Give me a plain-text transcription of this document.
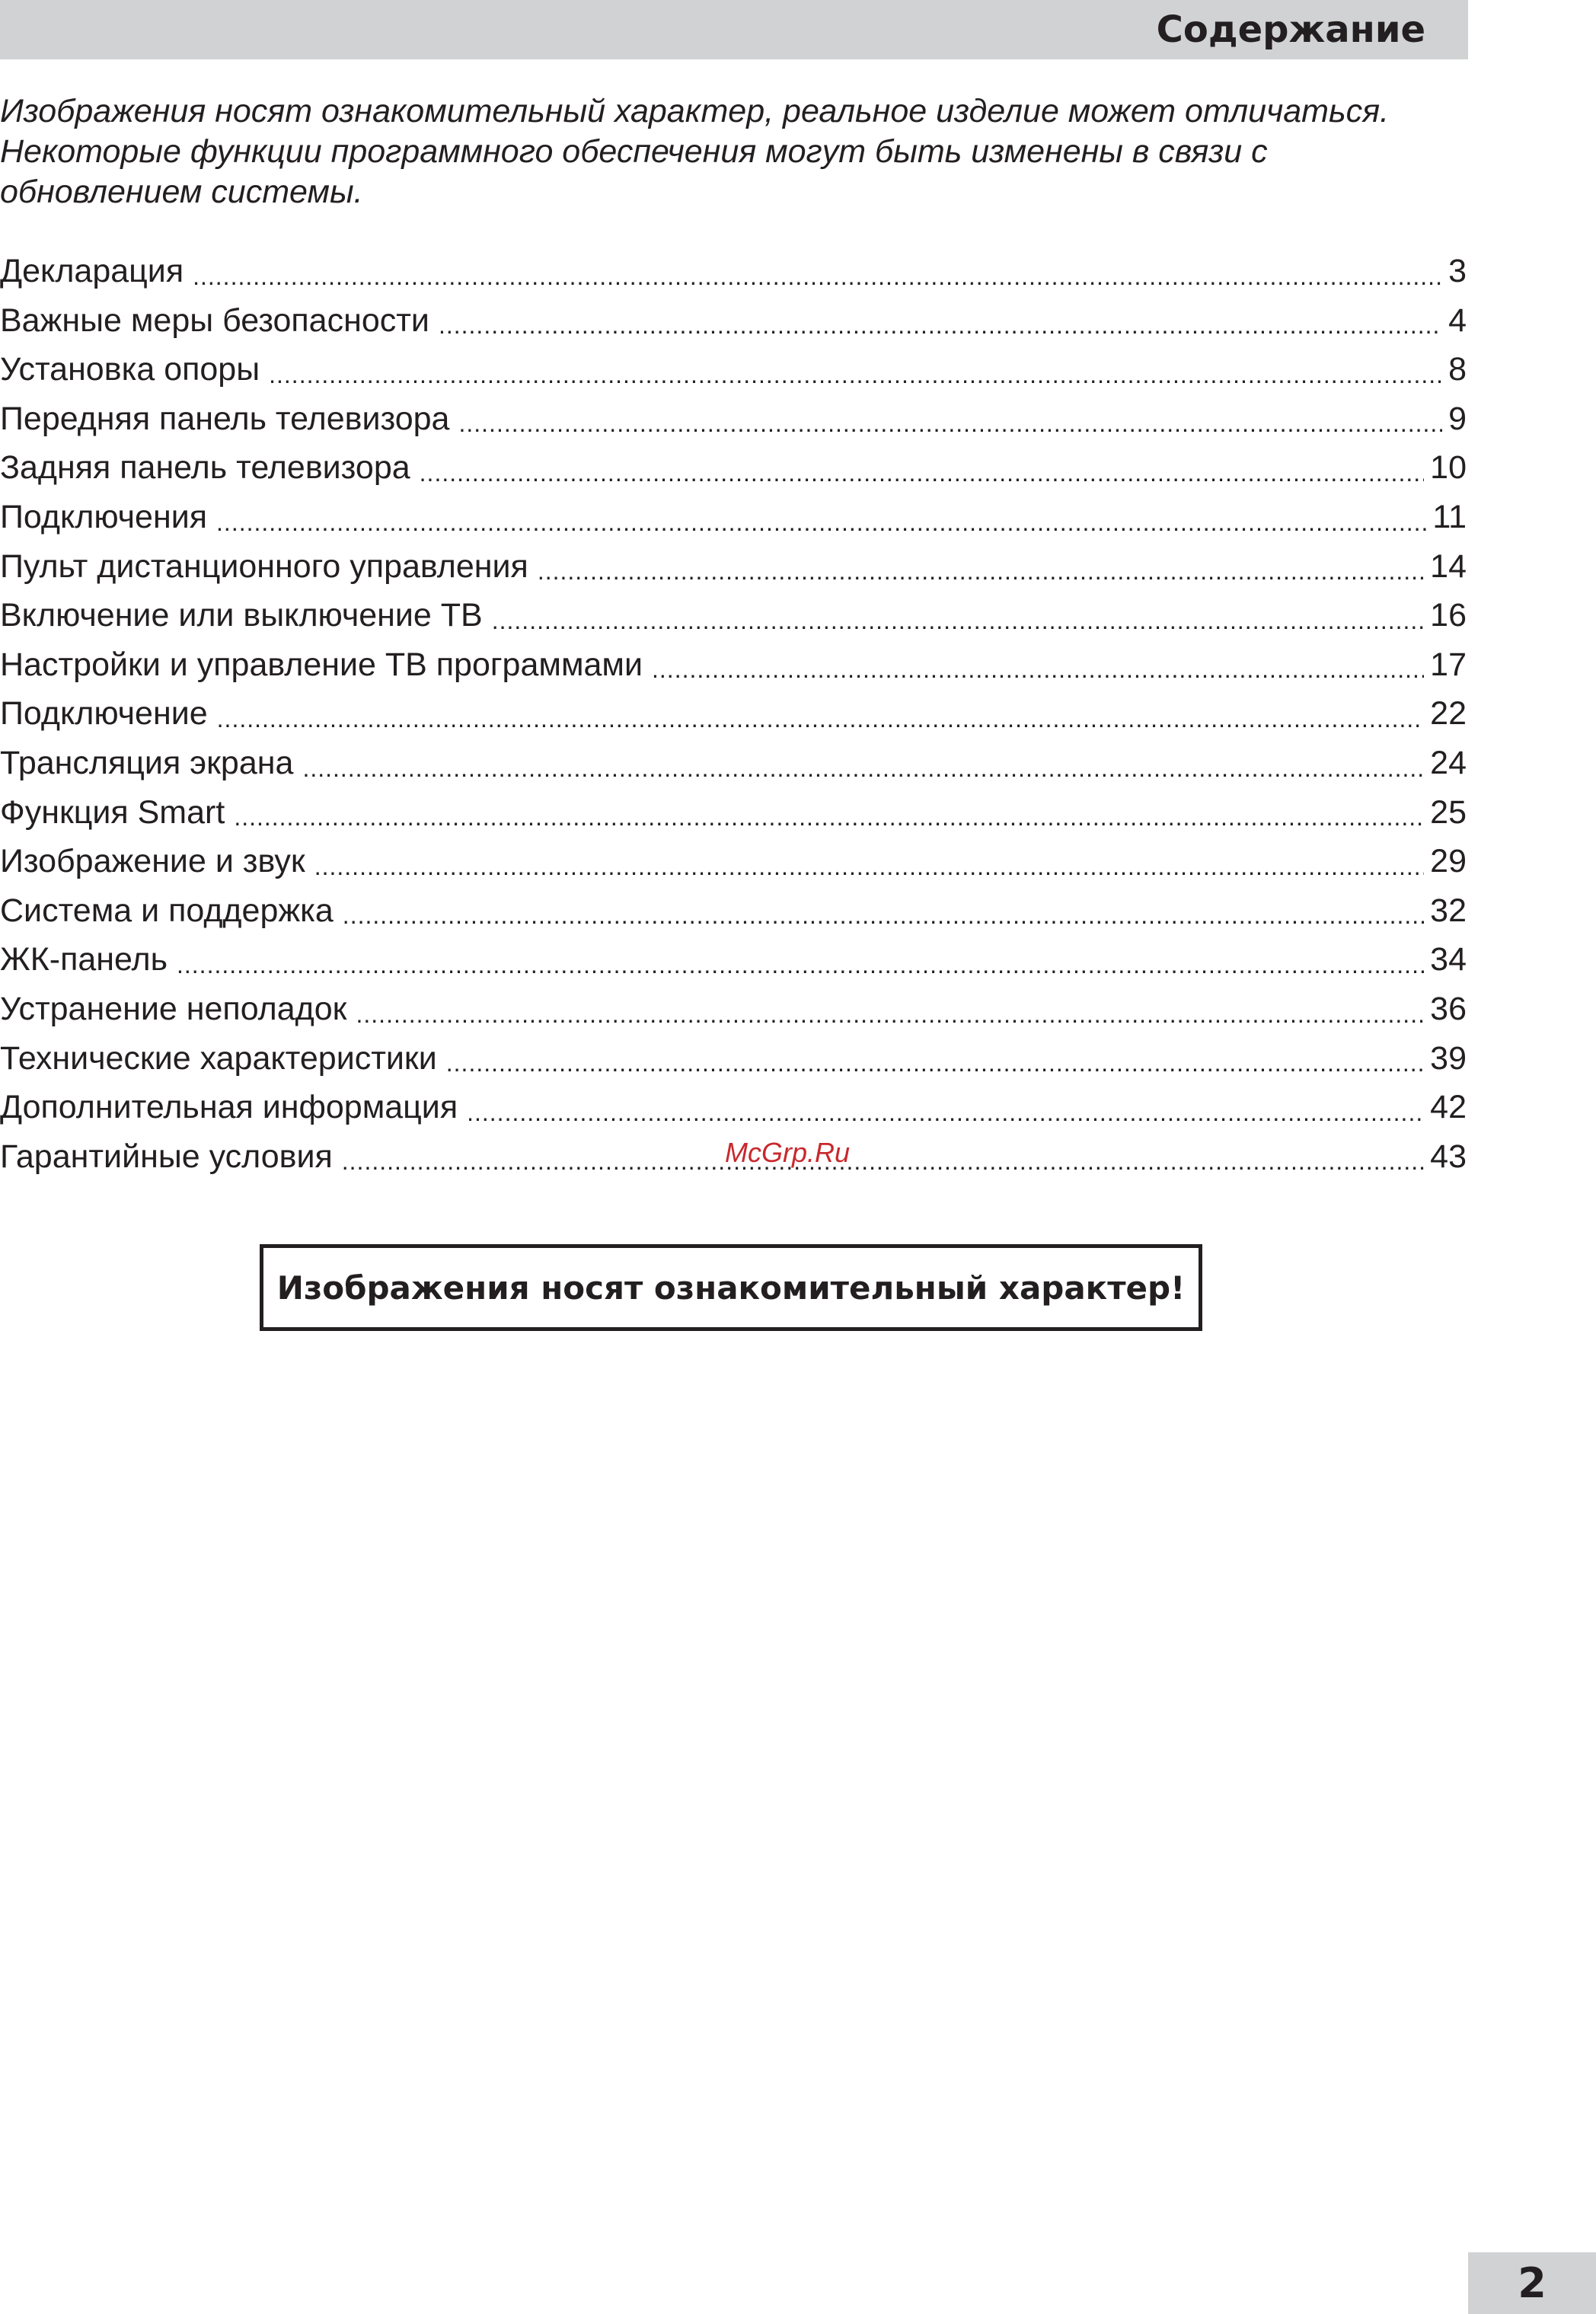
Содержание
Изображения носят ознакомительный характер, реальное изделие может отличаться.
Некоторые функции программного обеспечения могут быть изменены в связи с
обновлением системы.
Декларация .....	3
Важные меры безопасности .....	4
Установка опоры .....	8
Передняя панель телевизора .....	9
Задняя панель телевизора .....	10
Подключения .....	11
Пульт дистанционного управления .....	14
Включение или выключение ТВ .....	16
Настройки и управление ТВ программами .....	17
Подключение .....	22
Трансляция экрана .....	24
Функция Smart .....	25
Изображение и звук .....	29
Система и поддержка .....	32
ЖК-панель .....	34
Устранение неполадок .....	36
Технические характеристики .....	39
Дополнительная информация .....	42
Гарантийные условия .....	43
McGrp.Ru
Изображения носят ознакомительный характер!
2
